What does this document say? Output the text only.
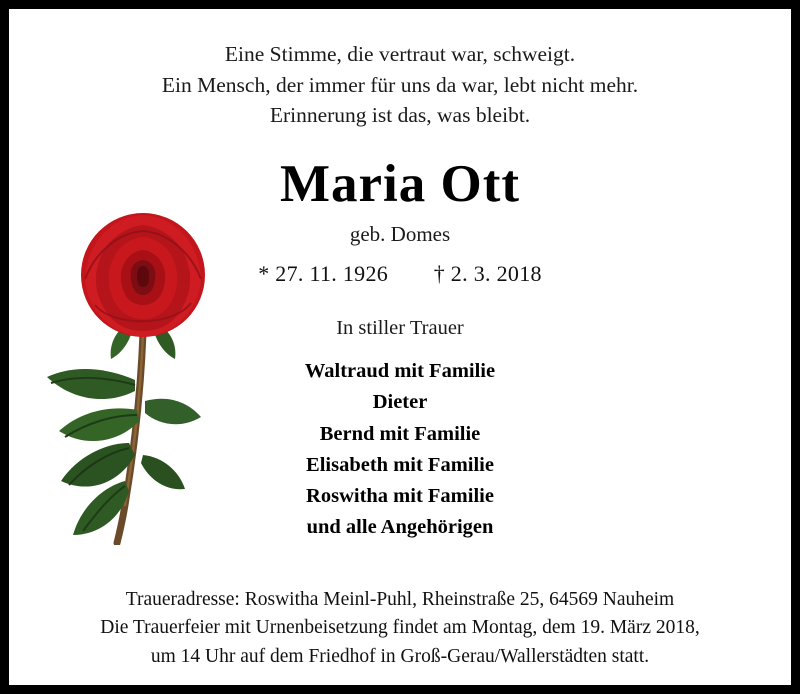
Eine Stimme, die vertraut war, schweigt.
Ein Mensch, der immer für uns da war, lebt nicht mehr.
Erinnerung ist das, was bleibt.
Maria Ott
geb. Domes
* 27. 11. 1926 † 2. 3. 2018
In stiller Trauer
Waltraud mit Familie
Dieter
Bernd mit Familie
Elisabeth mit Familie
Roswitha mit Familie
und alle Angehörigen
Traueradresse: Roswitha Meinl-Puhl, Rheinstraße 25, 64569 Nauheim
Die Trauerfeier mit Urnenbeisetzung findet am Montag, dem 19. März 2018,
um 14 Uhr auf dem Friedhof in Groß-Gerau/Wallerstädten statt.
